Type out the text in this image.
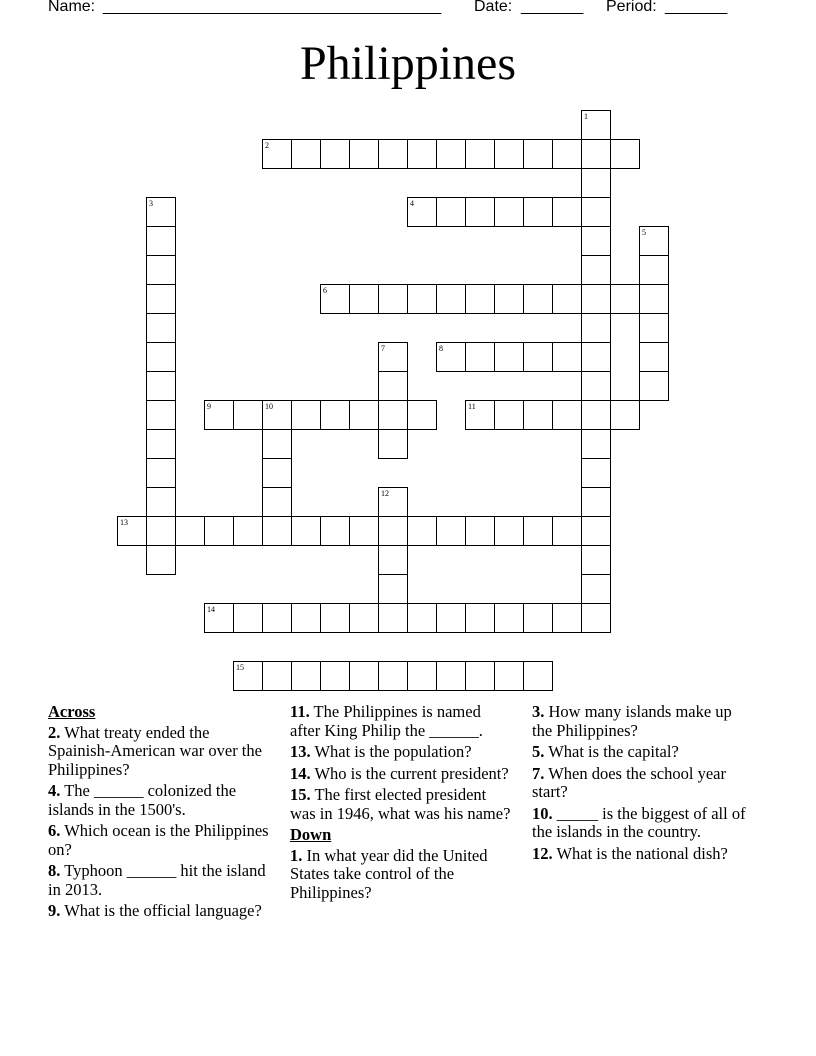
Name: ______________________________________ Date: _______ Period: _______
Philippines
1
2
3	4
5
6
7	8
9	10	11
12
13
14
15
Across
2. What treaty ended the Spainish-American war over the Philippines?
4. The ______ colonized the islands in the 1500's.
6. Which ocean is the Philippines on?
8. Typhoon ______ hit the island in 2013.
9. What is the official language?
11. The Philippines is named after King Philip the ______.
13. What is the population?
14. Who is the current president?
15. The first elected president was in 1946, what was his name?
Down
1. In what year did the United States take control of the Philippines?
3. How many islands make up the Philippines?
5. What is the capital?
7. When does the school year start?
10. _____ is the biggest of all of the islands in the country.
12. What is the national dish?
